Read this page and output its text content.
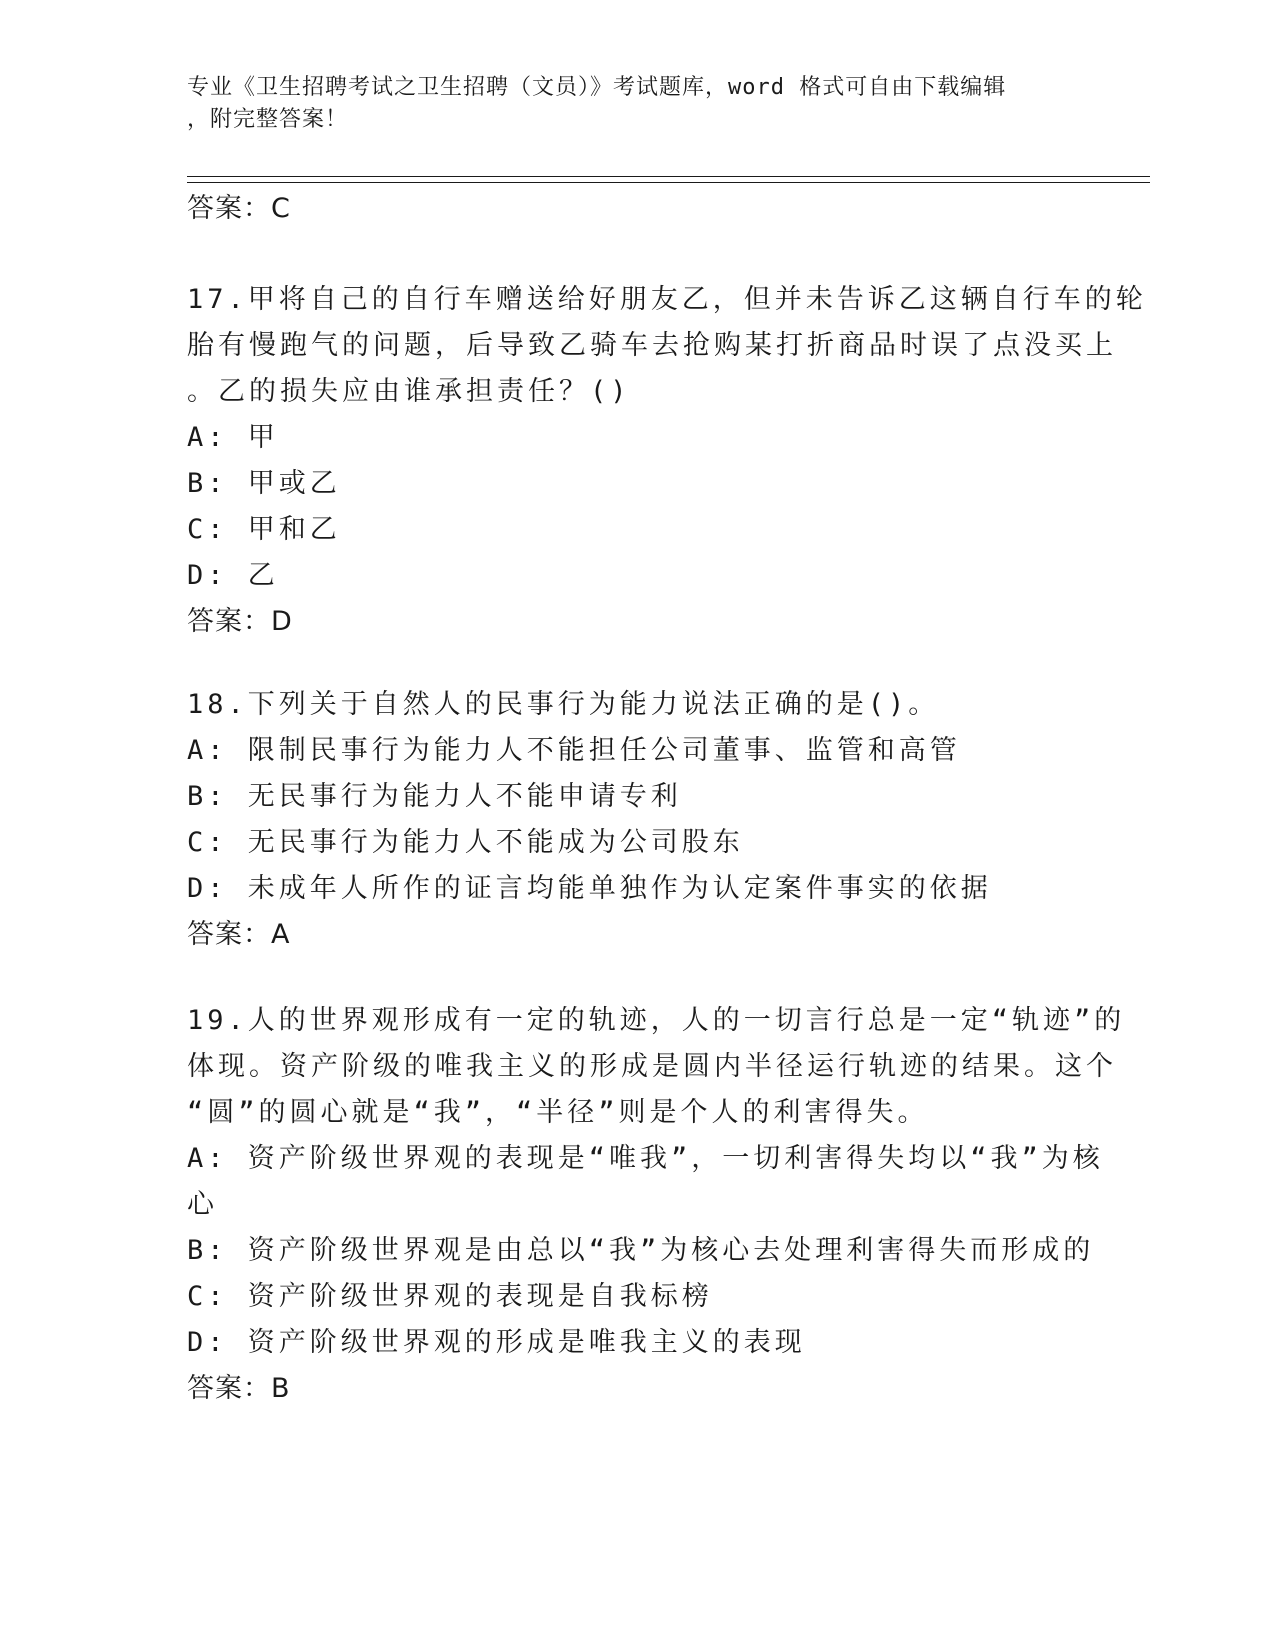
专业《卫生招聘考试之卫生招聘（文员）》考试题库，word 格式可自由下载编辑
，附完整答案！
答案：C
17.甲将自己的自行车赠送给好朋友乙，但并未告诉乙这辆自行车的轮
胎有慢跑气的问题，后导致乙骑车去抢购某打折商品时误了点没买上
。乙的损失应由谁承担责任？()
A: 甲
B: 甲或乙
C: 甲和乙
D: 乙
答案：D
18.下列关于自然人的民事行为能力说法正确的是()。
A: 限制民事行为能力人不能担任公司董事、监管和高管
B: 无民事行为能力人不能申请专利
C: 无民事行为能力人不能成为公司股东
D: 未成年人所作的证言均能单独作为认定案件事实的依据
答案：A
19.人的世界观形成有一定的轨迹，人的一切言行总是一定“轨迹”的
体现。资产阶级的唯我主义的形成是圆内半径运行轨迹的结果。这个
“圆”的圆心就是“我”，“半径”则是个人的利害得失。
A: 资产阶级世界观的表现是“唯我”，一切利害得失均以“我”为核
心
B: 资产阶级世界观是由总以“我”为核心去处理利害得失而形成的
C: 资产阶级世界观的表现是自我标榜
D: 资产阶级世界观的形成是唯我主义的表现
答案：B
